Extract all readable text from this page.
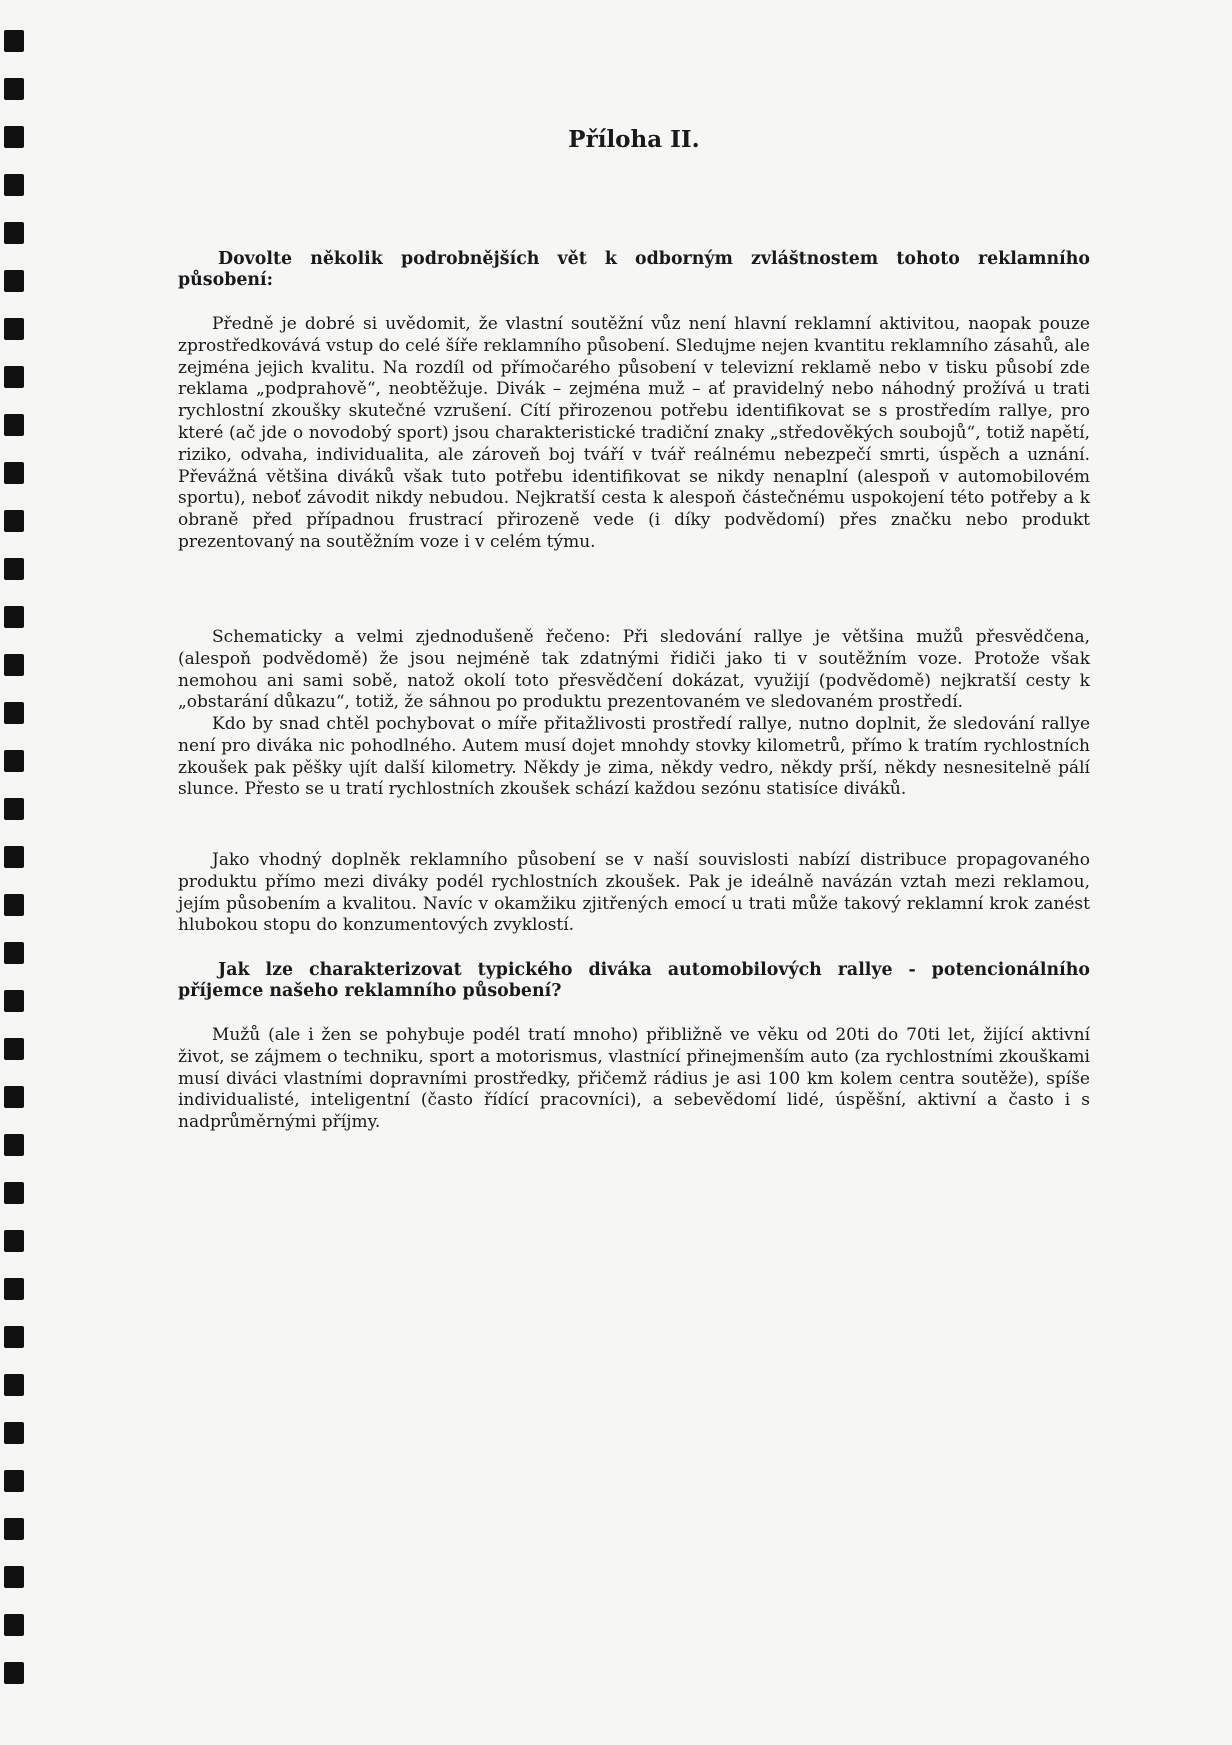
Příloha II.

Dovolte několik podrobnějších vět k odborným zvláštnostem tohoto reklamního působení:

Předně je dobré si uvědomit, že vlastní soutěžní vůz není hlavní reklamní aktivitou, naopak pouze zprostředkovává vstup do celé šíře reklamního působení. Sledujme nejen kvantitu reklamního zásahů, ale zejména jejich kvalitu. Na rozdíl od přímočarého působení v televizní reklamě nebo v tisku působí zde reklama „podprahově“, neobtěžuje. Divák – zejména muž – ať pravidelný nebo náhodný prožívá u trati rychlostní zkoušky skutečné vzrušení. Cítí přirozenou potřebu identifikovat se s prostředím rallye, pro které (ač jde o novodobý sport) jsou charakteristické tradiční znaky „středověkých soubojů“, totiž napětí, riziko, odvaha, individualita, ale zároveň boj tváří v tvář reálnému nebezpečí smrti, úspěch a uznání. Převážná většina diváků však tuto potřebu identifikovat se nikdy nenaplní (alespoň v automobilovém sportu), neboť závodit nikdy nebudou. Nejkratší cesta k alespoň částečnému uspokojení této potřeby a k obraně před případnou frustrací přirozeně vede (i díky podvědomí) přes značku nebo produkt prezentovaný na soutěžním voze i v celém týmu.

Schematicky a velmi zjednodušeně řečeno: Při sledování rallye je většina mužů přesvědčena, (alespoň podvědomě) že jsou nejméně tak zdatnými řidiči jako ti v soutěžním voze. Protože však nemohou ani sami sobě, natož okolí toto přesvědčení dokázat, využijí (podvědomě) nejkratší cesty k „obstarání důkazu“, totiž, že sáhnou po produktu prezentovaném ve sledovaném prostředí.

Kdo by snad chtěl pochybovat o míře přitažlivosti prostředí rallye, nutno doplnit, že sledování rallye není pro diváka nic pohodlného. Autem musí dojet mnohdy stovky kilometrů, přímo k tratím rychlostních zkoušek pak pěšky ujít další kilometry. Někdy je zima, někdy vedro, někdy prší, někdy nesnesitelně pálí slunce. Přesto se u tratí rychlostních zkoušek schází každou sezónu statisíce diváků.

Jako vhodný doplněk reklamního působení se v naší souvislosti nabízí distribuce propagovaného produktu přímo mezi diváky podél rychlostních zkoušek. Pak je ideálně navázán vztah mezi reklamou, jejím působením a kvalitou. Navíc v okamžiku zjitřených emocí u trati může takový reklamní krok zanést hlubokou stopu do konzumentových zvyklostí.

Jak lze charakterizovat typického diváka automobilových rallye - potencionálního příjemce našeho reklamního působení?

Mužů (ale i žen se pohybuje podél tratí mnoho) přibližně ve věku od 20ti do 70ti let, žijící aktivní život, se zájmem o techniku, sport a motorismus, vlastnící přinejmenším auto (za rychlostními zkouškami musí diváci vlastními dopravními prostředky, přičemž rádius je asi 100 km kolem centra soutěže), spíše individualisté, inteligentní (často řídící pracovníci), a sebevědomí lidé, úspěšní, aktivní a často i s nadprůměrnými příjmy.
